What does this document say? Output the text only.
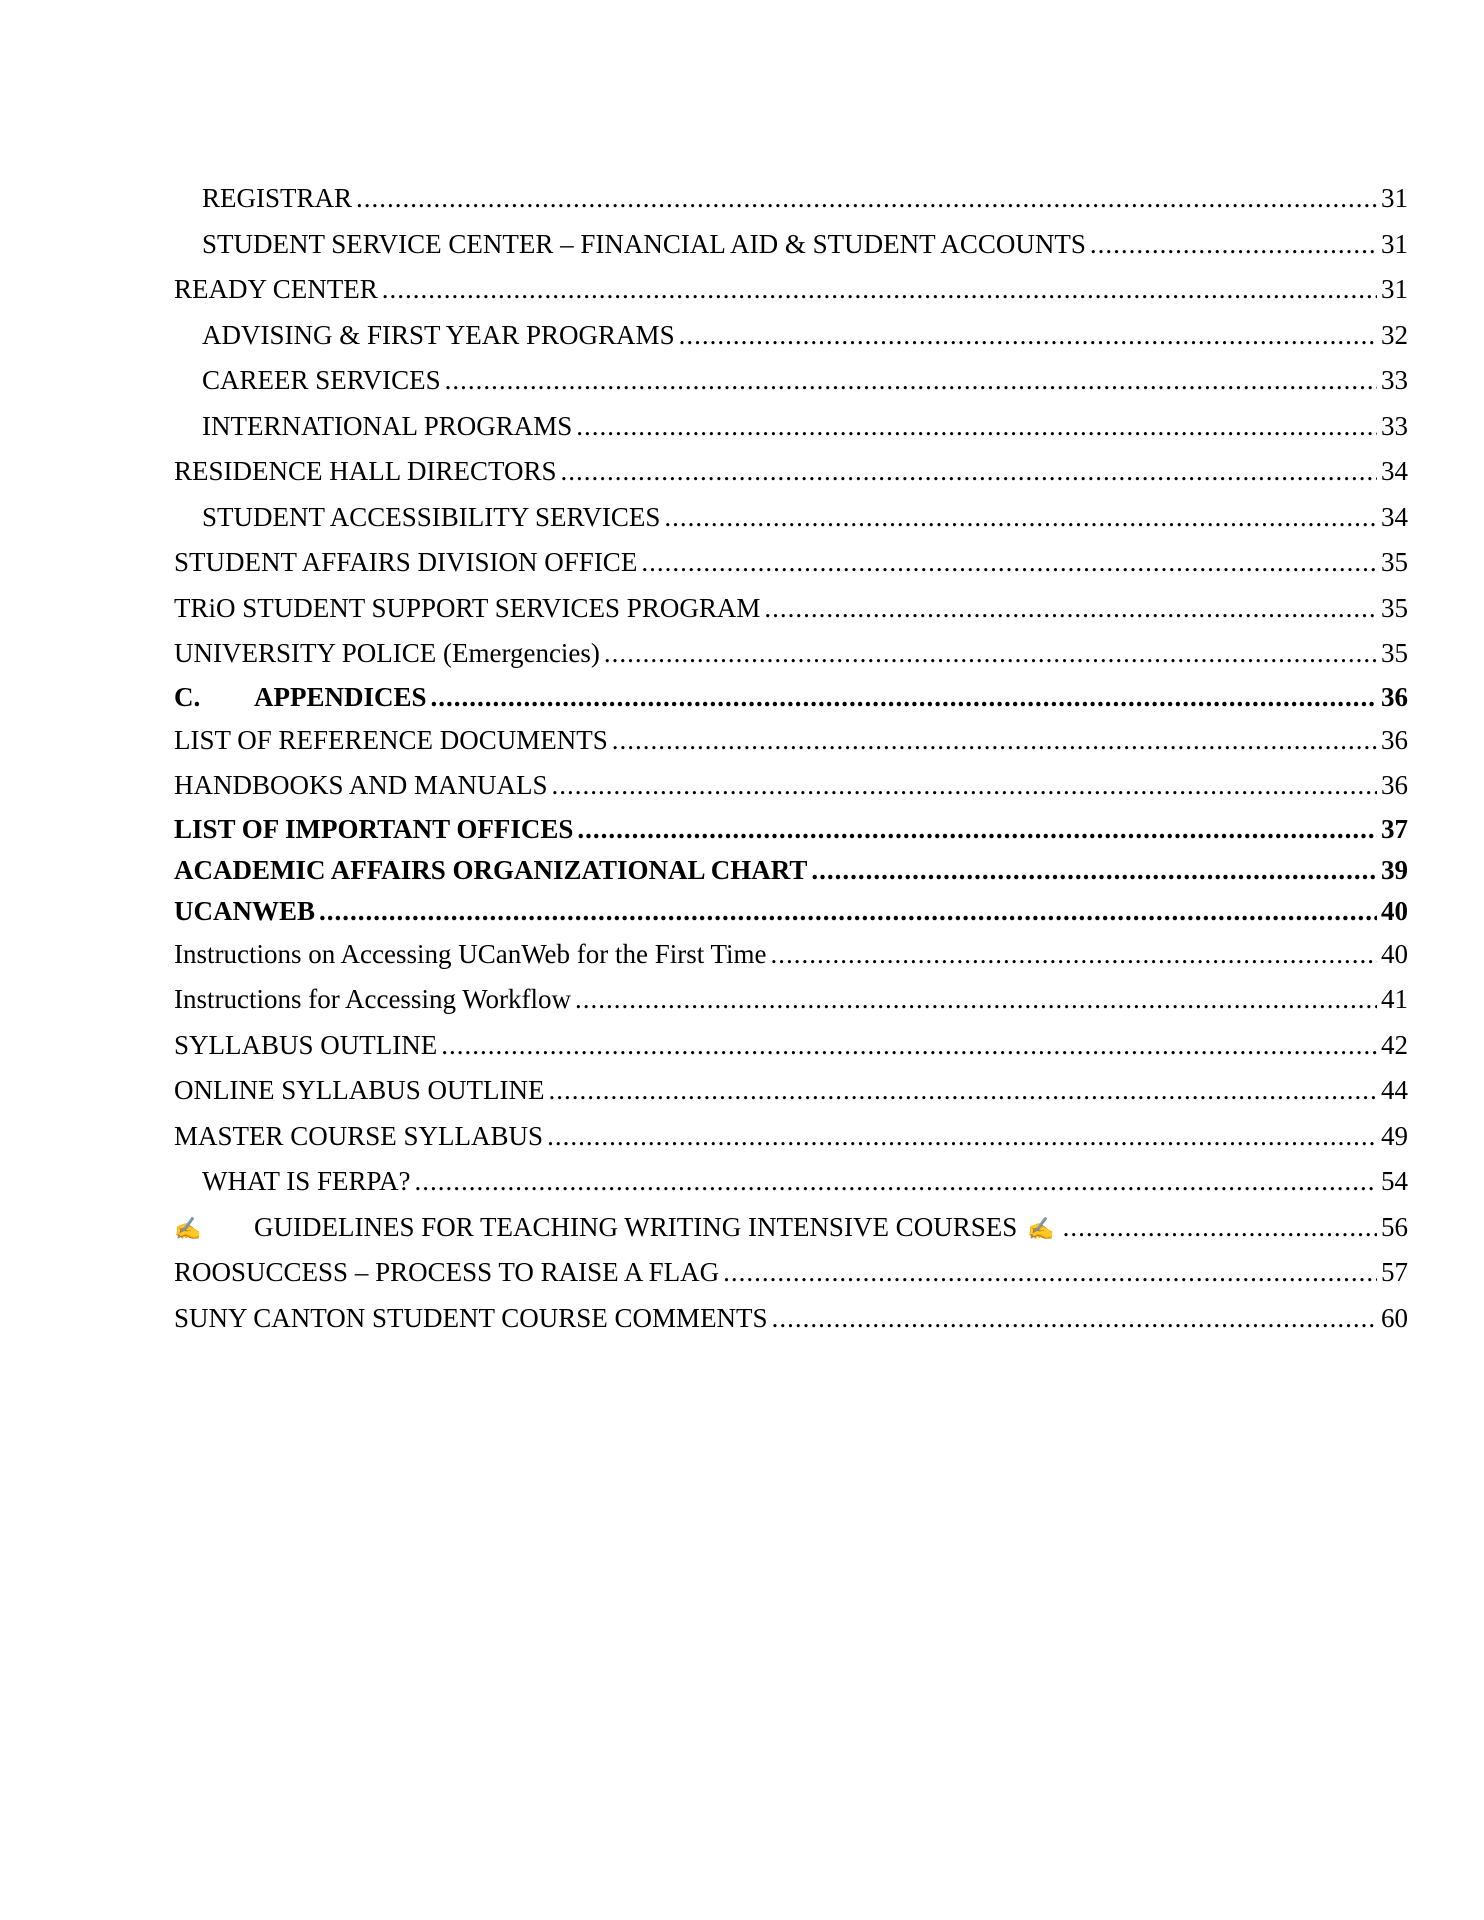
REGISTRAR .....	31
STUDENT SERVICE CENTER – FINANCIAL AID & STUDENT ACCOUNTS .....	31
READY CENTER .....	31
ADVISING & FIRST YEAR PROGRAMS .....	32
CAREER SERVICES .....	33
INTERNATIONAL PROGRAMS .....	33
RESIDENCE HALL DIRECTORS .....	34
STUDENT ACCESSIBILITY SERVICES .....	34
STUDENT AFFAIRS DIVISION OFFICE .....	35
TRiO STUDENT SUPPORT SERVICES PROGRAM .....	35
UNIVERSITY POLICE (Emergencies) .....	35
C. APPENDICES .....	36
LIST OF REFERENCE DOCUMENTS .....	36
HANDBOOKS AND MANUALS .....	36
LIST OF IMPORTANT OFFICES .....	37
ACADEMIC AFFAIRS ORGANIZATIONAL CHART .....	39
UCANWEB .....	40
Instructions on Accessing UCanWeb for the First Time .....	40
Instructions for Accessing Workflow .....	41
SYLLABUS OUTLINE .....	42
ONLINE SYLLABUS OUTLINE .....	44
MASTER COURSE SYLLABUS .....	49
WHAT IS FERPA? .....	54
✍ GUIDELINES FOR TEACHING WRITING INTENSIVE COURSES ✍ .....	56
ROOSUCCESS – PROCESS TO RAISE A FLAG .....	57
SUNY CANTON STUDENT COURSE COMMENTS .....	60
